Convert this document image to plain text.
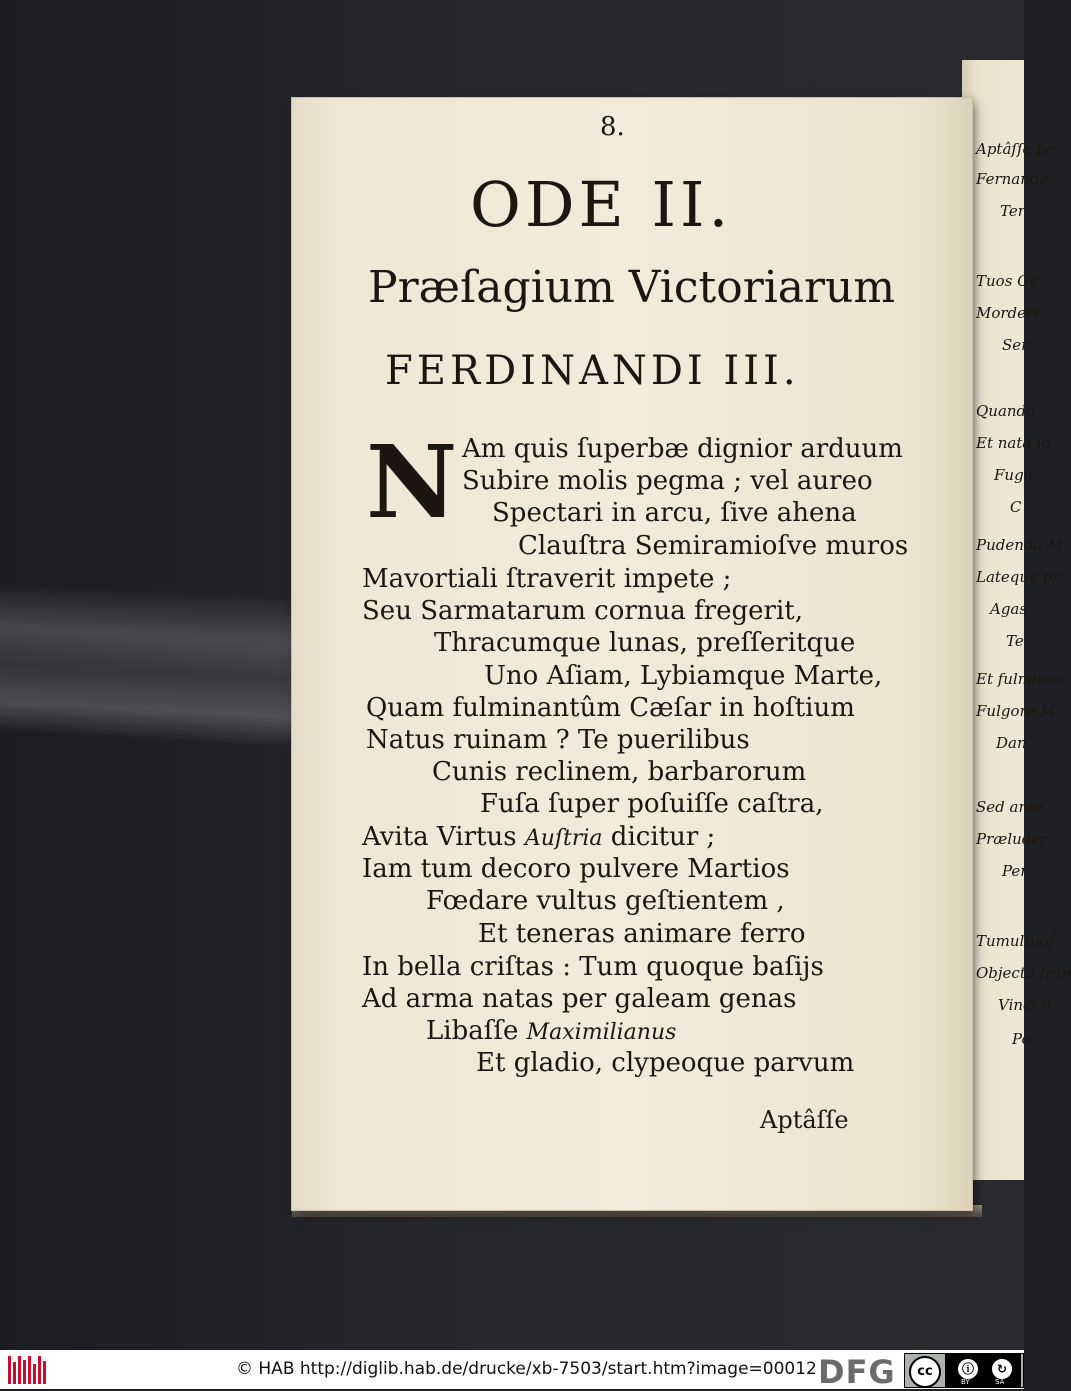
Aptâſſe pe
Fernande
Ter
Tuos Ge
Mordere
Ser
Quando
Et nata ſa
Fugit
C
Pudenda M
Lateque pr
Agas
Te
Et fulminas
Fulgore M
Dan
Sed ante
Præluder
Per
Tumultuoſ
Objecta fran
Vinci n
Po
8.
ODE II.
Præſagium Victoriarum
FERDINANDI III.
N Am quis ſuperbæ dignior arduum
Subire molis pegma ; vel aureo
Spectari in arcu, ſive ahena
Clauſtra Semiramioſve muros
Mavortiali ſtraverit impete ;
Seu Sarmatarum cornua fregerit,
Thracumque lunas, preſſeritque
Uno Aſiam, Lybiamque Marte,
Quam fulminantûm Cæſar in hoſtium
Natus ruinam ? Te puerilibus
Cunis reclinem, barbarorum
Fuſa ſuper poſuiſſe caſtra,
Avita Virtus Auſtria dicitur ;
Iam tum decoro pulvere Martios
Fœdare vultus geſtientem ,
Et teneras animare ferro
In bella criſtas : Tum quoque baſijs
Ad arma natas per galeam genas
Libaſſe Maximilianus
Et gladio, clypeoque parvum
Aptâſſe
© HAB http://diglib.hab.de/drucke/xb-7503/start.htm?image=00012 DFG	cc	ⓘ	↻
BY	SA
